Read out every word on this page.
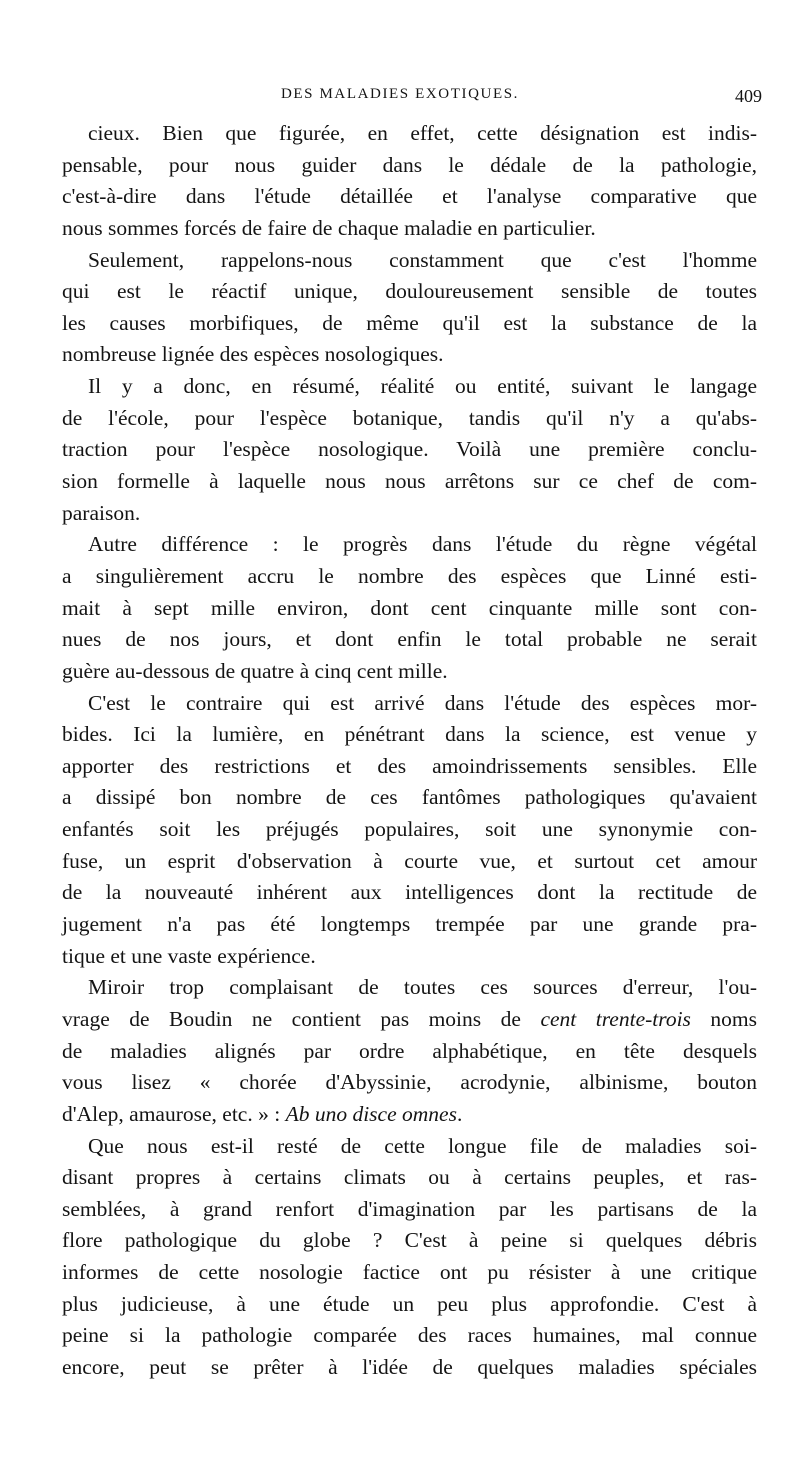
DES MALADIES EXOTIQUES.	409
cieux. Bien que figurée, en effet, cette désignation est indis-
pensable, pour nous guider dans le dédale de la pathologie,
c'est-à-dire dans l'étude détaillée et l'analyse comparative que
nous sommes forcés de faire de chaque maladie en particulier.
Seulement, rappelons-nous constamment que c'est l'homme
qui est le réactif unique, douloureusement sensible de toutes
les causes morbifiques, de même qu'il est la substance de la
nombreuse lignée des espèces nosologiques.
Il y a donc, en résumé, réalité ou entité, suivant le langage
de l'école, pour l'espèce botanique, tandis qu'il n'y a qu'abs-
traction pour l'espèce nosologique. Voilà une première conclu-
sion formelle à laquelle nous nous arrêtons sur ce chef de com-
paraison.
Autre différence : le progrès dans l'étude du règne végétal
a singulièrement accru le nombre des espèces que Linné esti-
mait à sept mille environ, dont cent cinquante mille sont con-
nues de nos jours, et dont enfin le total probable ne serait
guère au-dessous de quatre à cinq cent mille.
C'est le contraire qui est arrivé dans l'étude des espèces mor-
bides. Ici la lumière, en pénétrant dans la science, est venue y
apporter des restrictions et des amoindrissements sensibles. Elle
a dissipé bon nombre de ces fantômes pathologiques qu'avaient
enfantés soit les préjugés populaires, soit une synonymie con-
fuse, un esprit d'observation à courte vue, et surtout cet amour
de la nouveauté inhérent aux intelligences dont la rectitude de
jugement n'a pas été longtemps trempée par une grande pra-
tique et une vaste expérience.
Miroir trop complaisant de toutes ces sources d'erreur, l'ou-
vrage de Boudin ne contient pas moins de cent trente-trois noms
de maladies alignés par ordre alphabétique, en tête desquels
vous lisez « chorée d'Abyssinie, acrodynie, albinisme, bouton
d'Alep, amaurose, etc. » : Ab uno disce omnes.
Que nous est-il resté de cette longue file de maladies soi-
disant propres à certains climats ou à certains peuples, et ras-
semblées, à grand renfort d'imagination par les partisans de la
flore pathologique du globe ? C'est à peine si quelques débris
informes de cette nosologie factice ont pu résister à une critique
plus judicieuse, à une étude un peu plus approfondie. C'est à
peine si la pathologie comparée des races humaines, mal connue
encore, peut se prêter à l'idée de quelques maladies spéciales
